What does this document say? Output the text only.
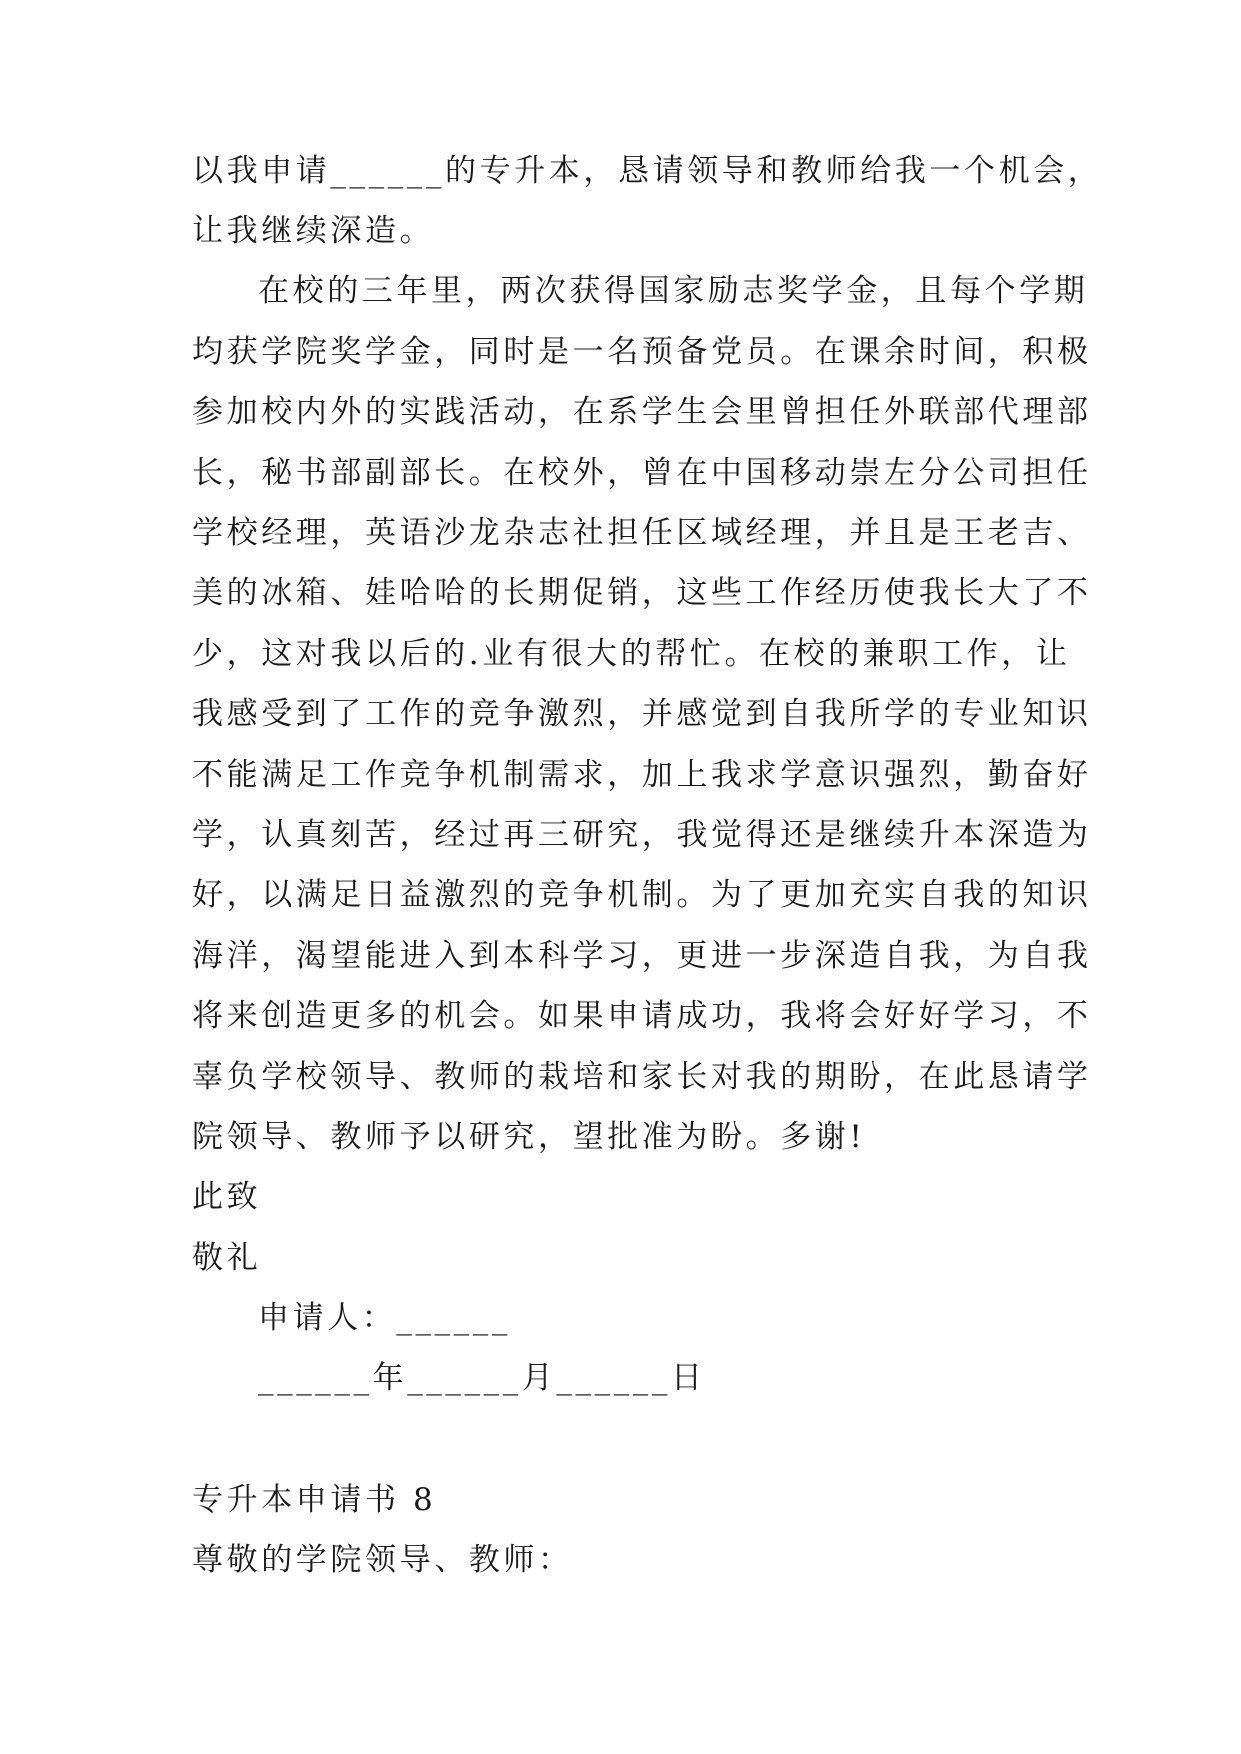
以我申请______的专升本，恳请领导和教师给我一个机会，
让我继续深造。
在校的三年里，两次获得国家励志奖学金，且每个学期
均获学院奖学金，同时是一名预备党员。在课余时间，积极
参加校内外的实践活动，在系学生会里曾担任外联部代理部
长，秘书部副部长。在校外，曾在中国移动崇左分公司担任
学校经理，英语沙龙杂志社担任区域经理，并且是王老吉、
美的冰箱、娃哈哈的长期促销，这些工作经历使我长大了不
少，这对我以后的.业有很大的帮忙。在校的兼职工作，让
我感受到了工作的竞争激烈，并感觉到自我所学的专业知识
不能满足工作竞争机制需求，加上我求学意识强烈，勤奋好
学，认真刻苦，经过再三研究，我觉得还是继续升本深造为
好，以满足日益激烈的竞争机制。为了更加充实自我的知识
海洋，渴望能进入到本科学习，更进一步深造自我，为自我
将来创造更多的机会。如果申请成功，我将会好好学习，不
辜负学校领导、教师的栽培和家长对我的期盼，在此恳请学
院领导、教师予以研究，望批准为盼。多谢!
此致
敬礼
申请人：______
______年______月______日
专升本申请书 8
尊敬的学院领导、教师：
